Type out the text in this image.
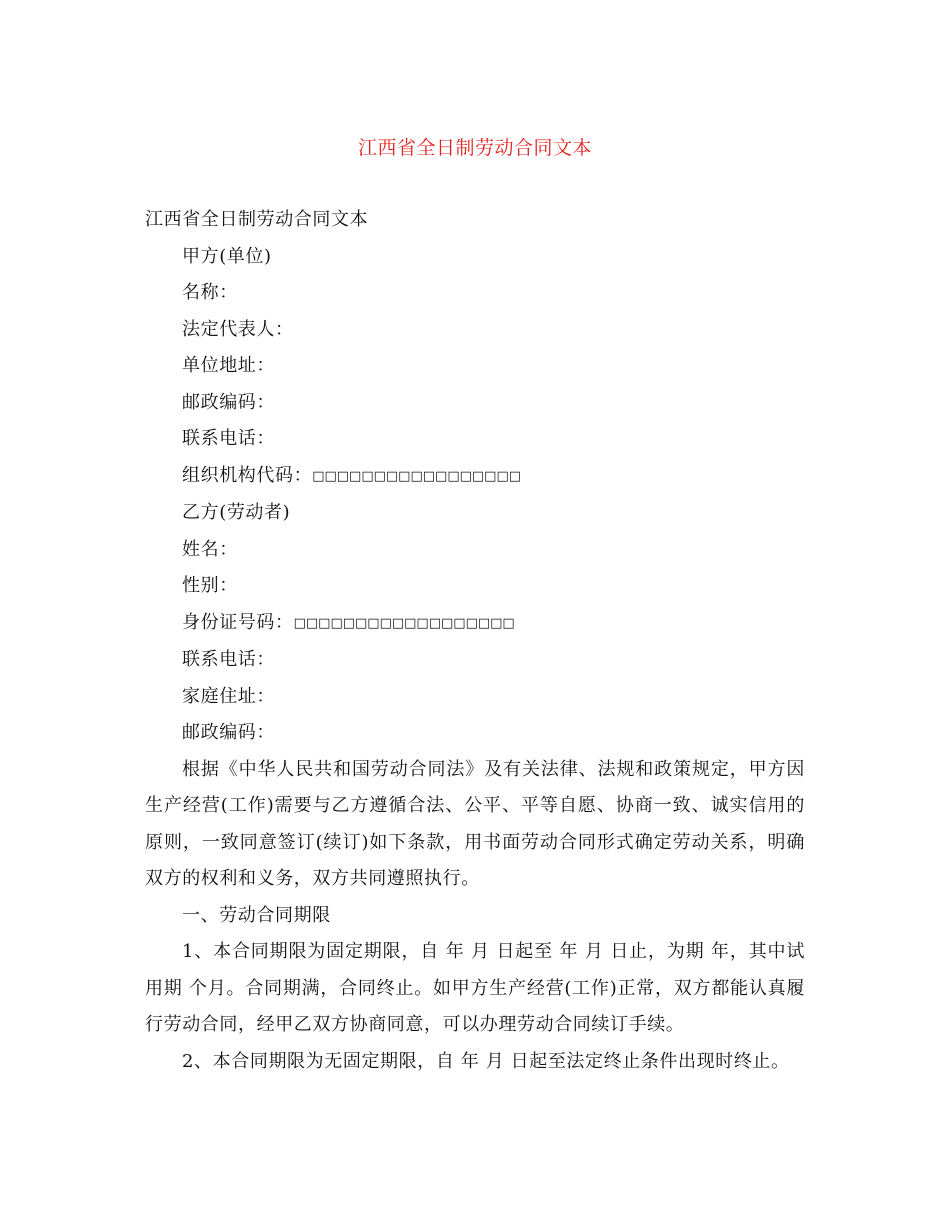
江西省全日制劳动合同文本

江西省全日制劳动合同文本

甲方(单位)

名称：

法定代表人：

单位地址：

邮政编码：

联系电话：

组织机构代码：□□□□□□□□□□□□□□□□□

乙方(劳动者)

姓名：

性别：

身份证号码：□□□□□□□□□□□□□□□□□□

联系电话：

家庭住址：

邮政编码：

根据《中华人民共和国劳动合同法》及有关法律、法规和政策规定，甲方因生产经营(工作)需要与乙方遵循合法、公平、平等自愿、协商一致、诚实信用的原则，一致同意签订(续订)如下条款，用书面劳动合同形式确定劳动关系，明确双方的权利和义务，双方共同遵照执行。

一、劳动合同期限

1、本合同期限为固定期限，自 年 月 日起至 年 月 日止，为期 年，其中试用期 个月。合同期满，合同终止。如甲方生产经营(工作)正常，双方都能认真履行劳动合同，经甲乙双方协商同意，可以办理劳动合同续订手续。

2、本合同期限为无固定期限，自 年 月 日起至法定终止条件出现时终止。
